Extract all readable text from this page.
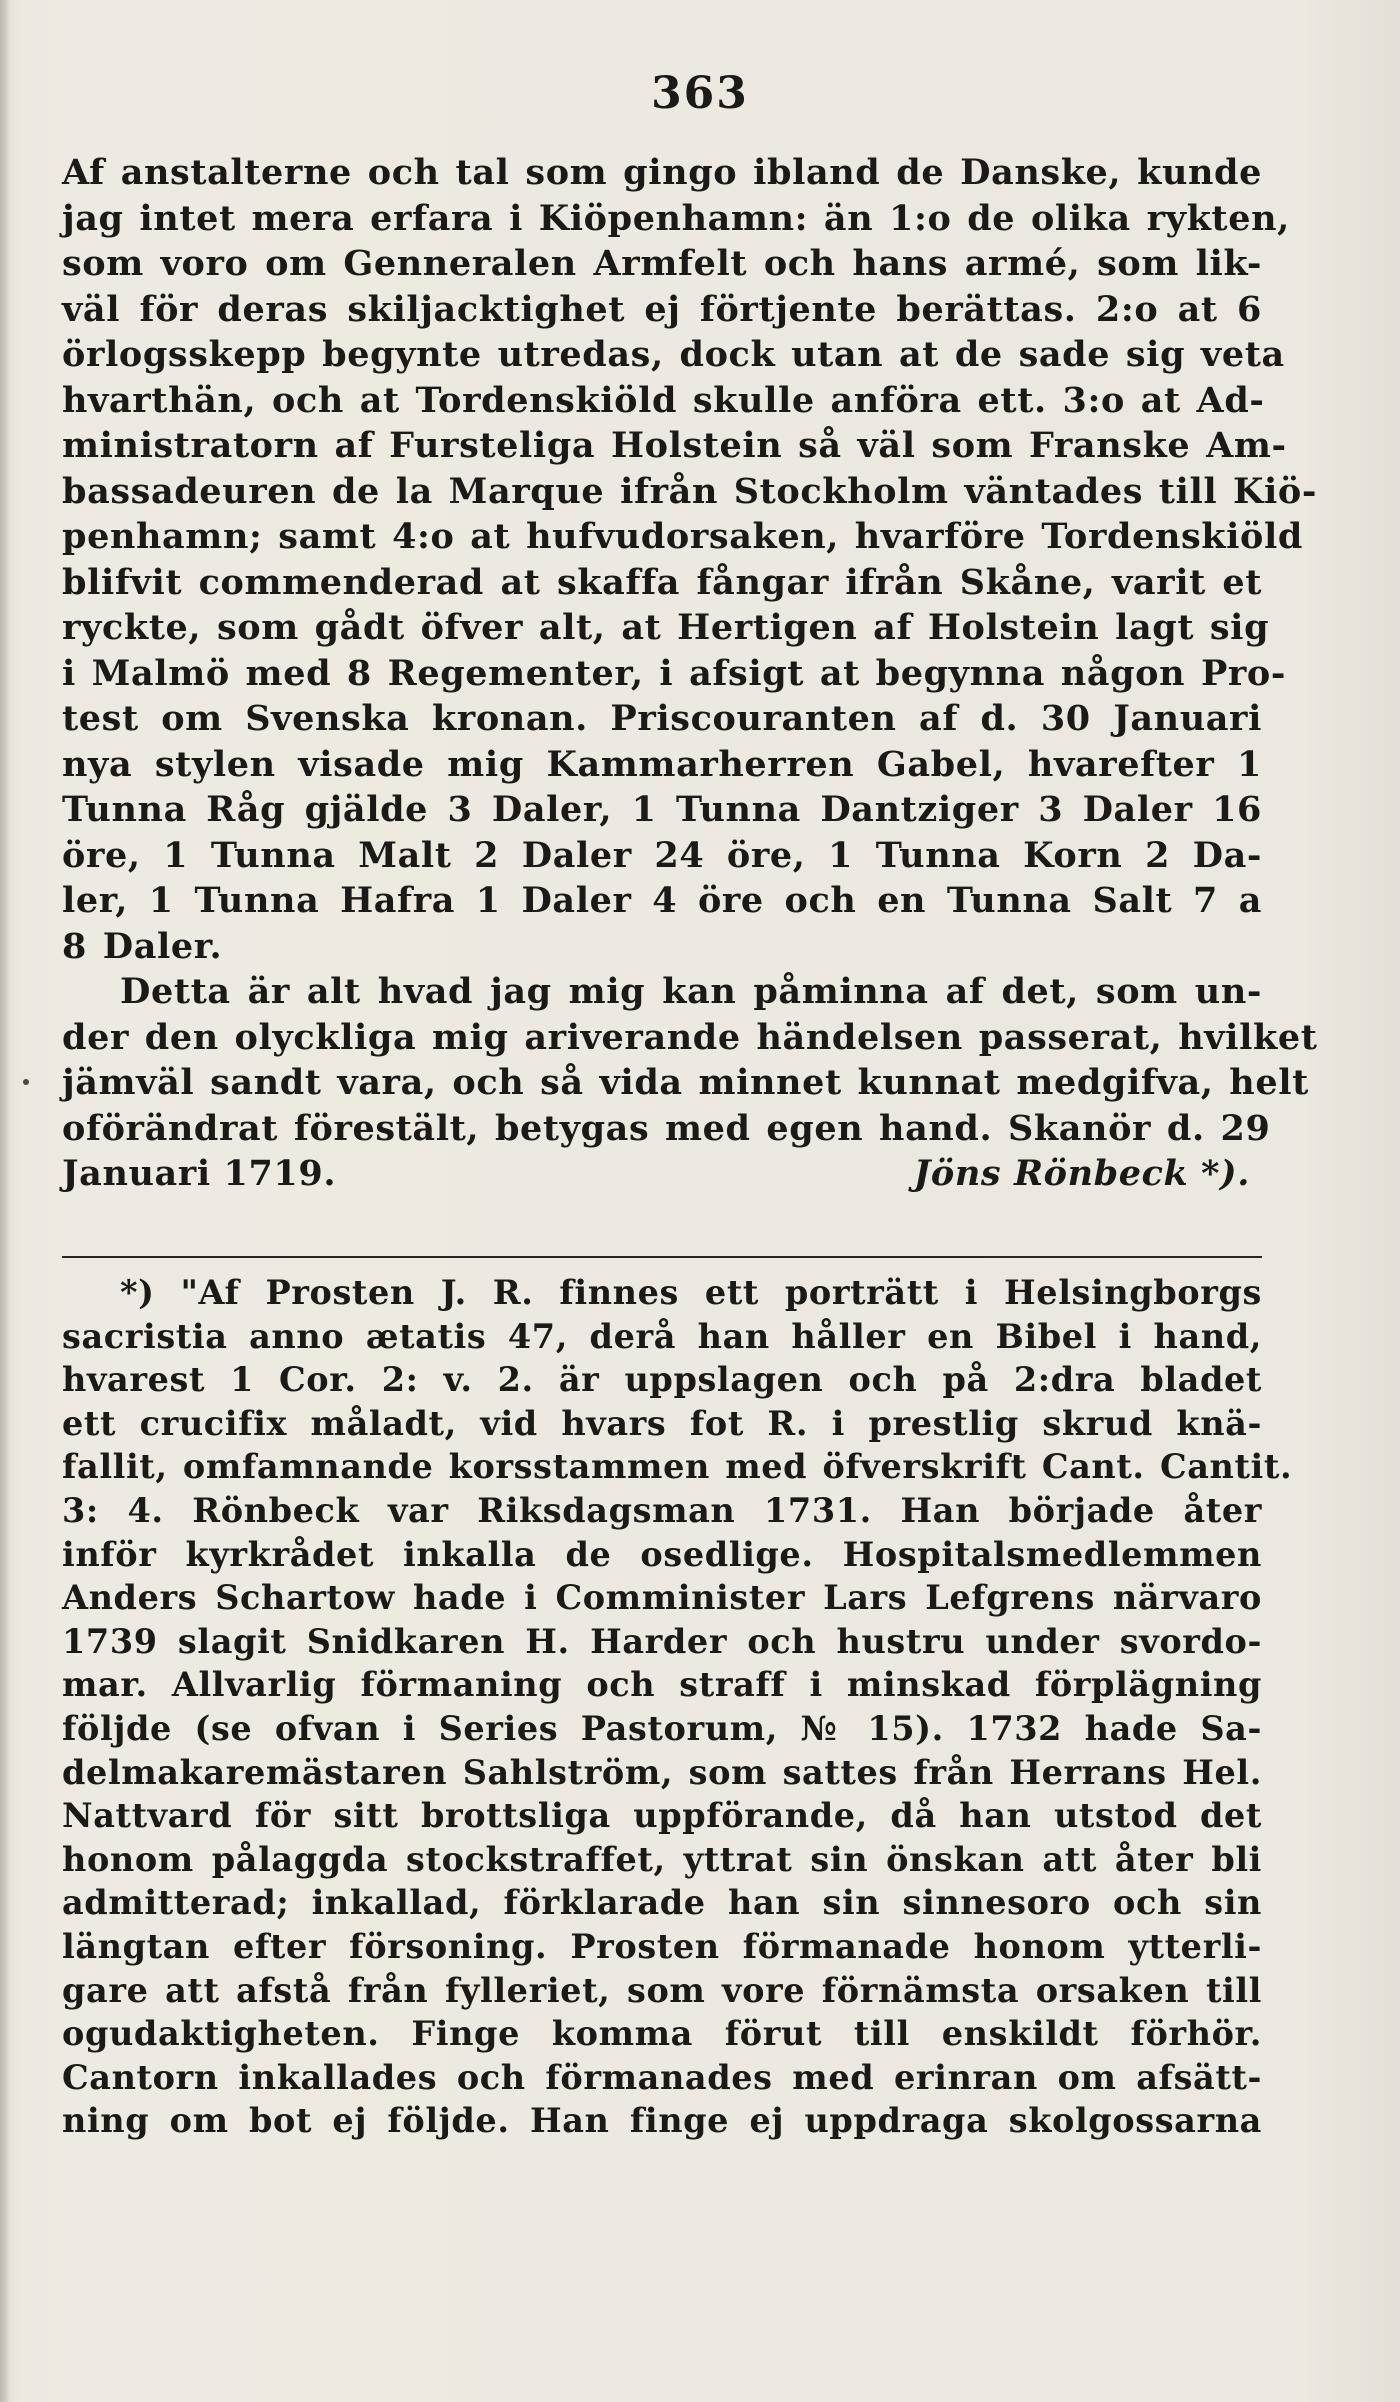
363
Af anstalterne och tal som gingo ibland de Danske, kunde
jag intet mera erfara i Kiöpenhamn: än 1:o de olika rykten,
som voro om Genneralen Armfelt och hans armé, som lik-
väl för deras skiljacktighet ej förtjente berättas. 2:o at 6
örlogsskepp begynte utredas, dock utan at de sade sig veta
hvarthän, och at Tordenskiöld skulle anföra ett. 3:o at Ad-
ministratorn af Fursteliga Holstein så väl som Franske Am-
bassadeuren de la Marque ifrån Stockholm väntades till Kiö-
penhamn; samt 4:o at hufvudorsaken, hvarföre Tordenskiöld
blifvit commenderad at skaffa fångar ifrån Skåne, varit et
ryckte, som gådt öfver alt, at Hertigen af Holstein lagt sig
i Malmö med 8 Regementer, i afsigt at begynna någon Pro-
test om Svenska kronan. Priscouranten af d. 30 Januari
nya stylen visade mig Kammarherren Gabel, hvarefter 1
Tunna Råg gjälde 3 Daler, 1 Tunna Dantziger 3 Daler 16
öre, 1 Tunna Malt 2 Daler 24 öre, 1 Tunna Korn 2 Da-
ler, 1 Tunna Hafra 1 Daler 4 öre och en Tunna Salt 7 a
8 Daler.
Detta är alt hvad jag mig kan påminna af det, som un-
der den olyckliga mig ariverande händelsen passerat, hvilket
jämväl sandt vara, och så vida minnet kunnat medgifva, helt
oförändrat förestält, betygas med egen hand. Skanör d. 29
Januari 1719.	Jöns Rönbeck *).
*) "Af Prosten J. R. finnes ett porträtt i Helsingborgs
sacristia anno ætatis 47, derå han håller en Bibel i hand,
hvarest 1 Cor. 2: v. 2. är uppslagen och på 2:dra bladet
ett crucifix måladt, vid hvars fot R. i prestlig skrud knä-
fallit, omfamnande korsstammen med öfverskrift Cant. Cantit.
3: 4. Rönbeck var Riksdagsman 1731. Han började åter
inför kyrkrådet inkalla de osedlige. Hospitalsmedlemmen
Anders Schartow hade i Comminister Lars Lefgrens närvaro
1739 slagit Snidkaren H. Harder och hustru under svordo-
mar. Allvarlig förmaning och straff i minskad förplägning
följde (se ofvan i Series Pastorum, № 15). 1732 hade Sa-
delmakaremästaren Sahlström, som sattes från Herrans Hel.
Nattvard för sitt brottsliga uppförande, då han utstod det
honom pålaggda stockstraffet, yttrat sin önskan att åter bli
admitterad; inkallad, förklarade han sin sinnesoro och sin
längtan efter försoning. Prosten förmanade honom ytterli-
gare att afstå från fylleriet, som vore förnämsta orsaken till
ogudaktigheten. Finge komma förut till enskildt förhör.
Cantorn inkallades och förmanades med erinran om afsätt-
ning om bot ej följde. Han finge ej uppdraga skolgossarna
